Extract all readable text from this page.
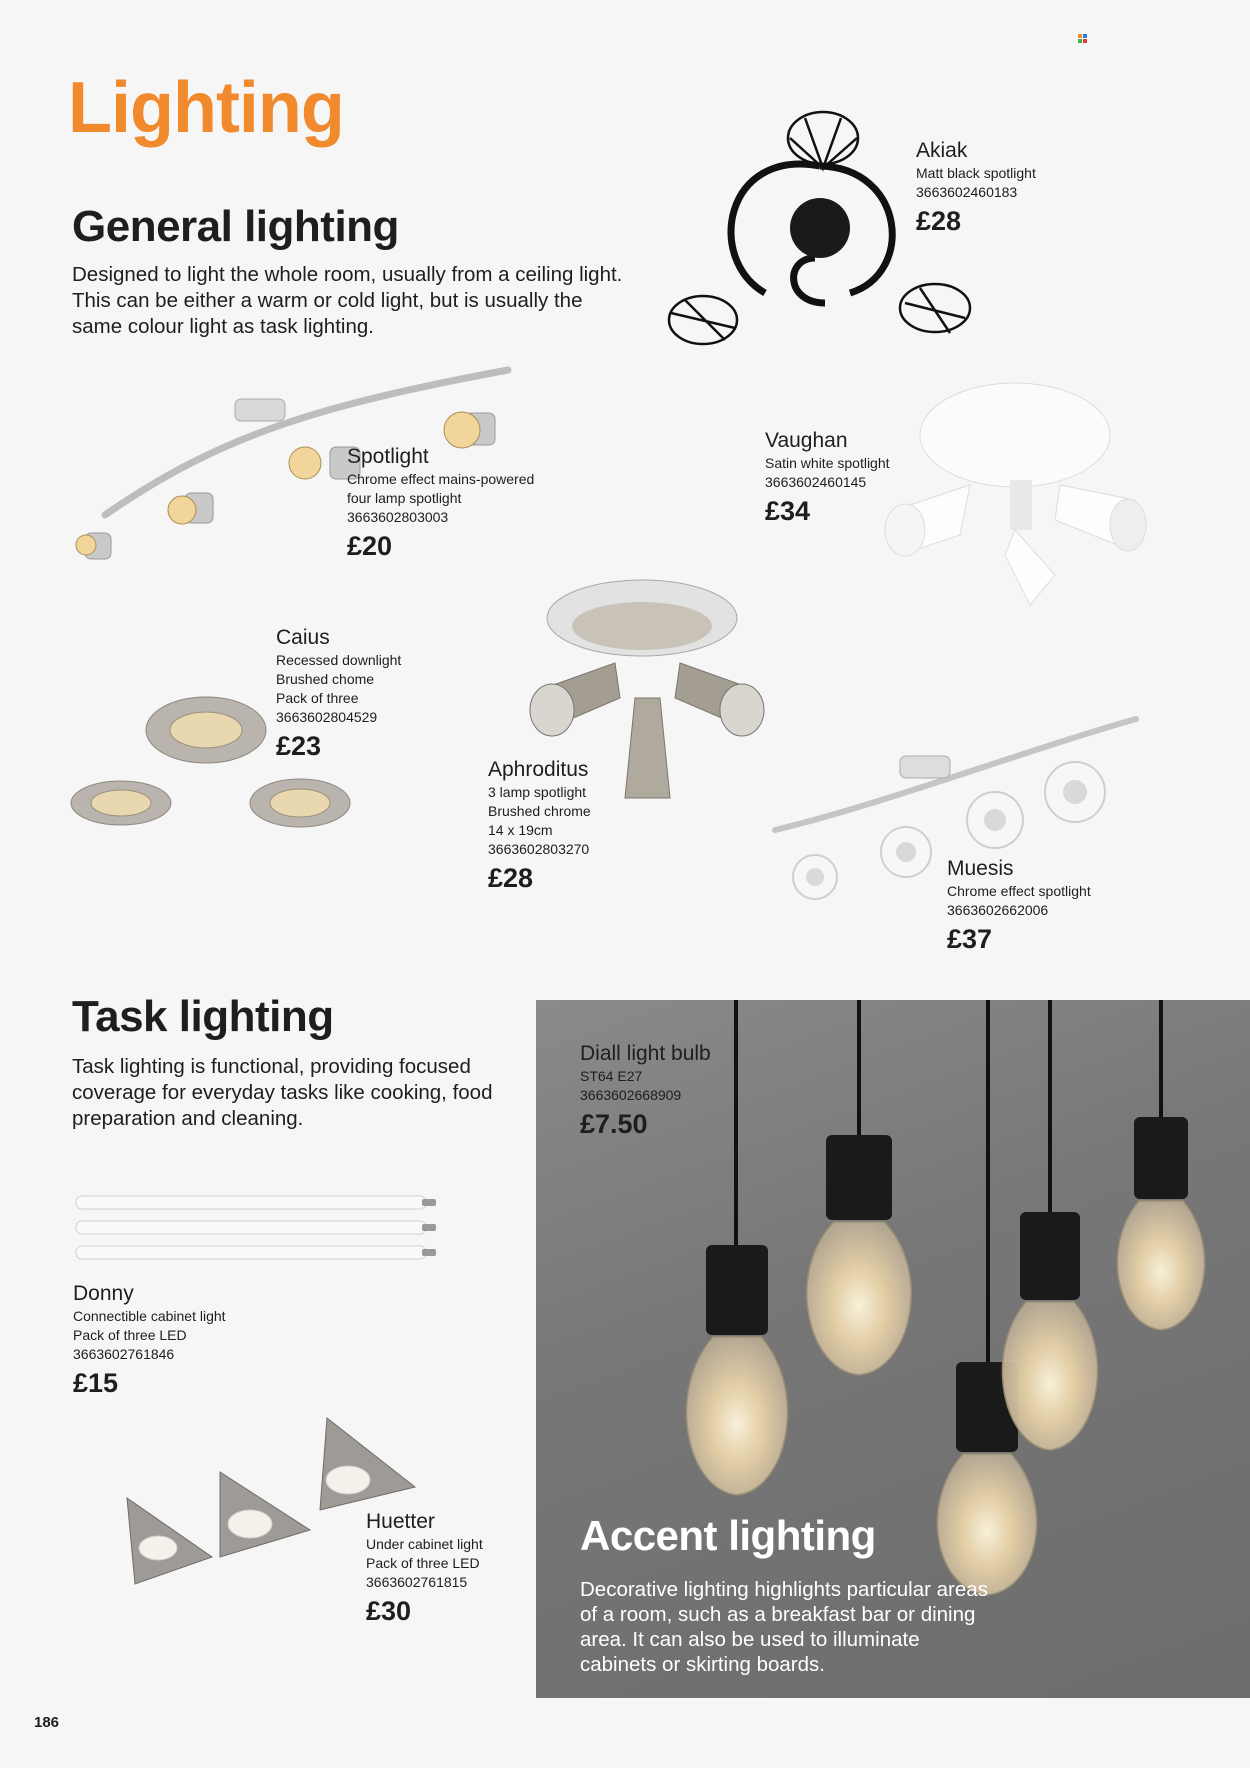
Lighting
General lighting
Designed to light the whole room, usually from a ceiling light. This can be either a warm or cold light, but is usually the same colour light as task lighting.
Akiak
Matt black spotlight
3663602460183
£28
Spotlight
Chrome effect mains-powered
four lamp spotlight
3663602803003
£20
Vaughan
Satin white spotlight
3663602460145
£34
Caius
Recessed downlight
Brushed chome
Pack of three
3663602804529
£23
Aphroditus
3 lamp spotlight
Brushed chrome
14 x 19cm
3663602803270
£28	Muesis
Chrome effect spotlight
3663602662006
£37
Task lighting
Task lighting is functional, providing focused coverage for everyday tasks like cooking, food preparation and cleaning.
Donny
Connectible cabinet light
Pack of three LED
3663602761846
£15
Huetter
Under cabinet light
Pack of three LED
3663602761815
£30
Diall light bulb
ST64 E27
3663602668909
£7.50
Accent lighting
Decorative lighting highlights particular areas of a room, such as a breakfast bar or dining area. It can also be used to illuminate cabinets or skirting boards.
186
